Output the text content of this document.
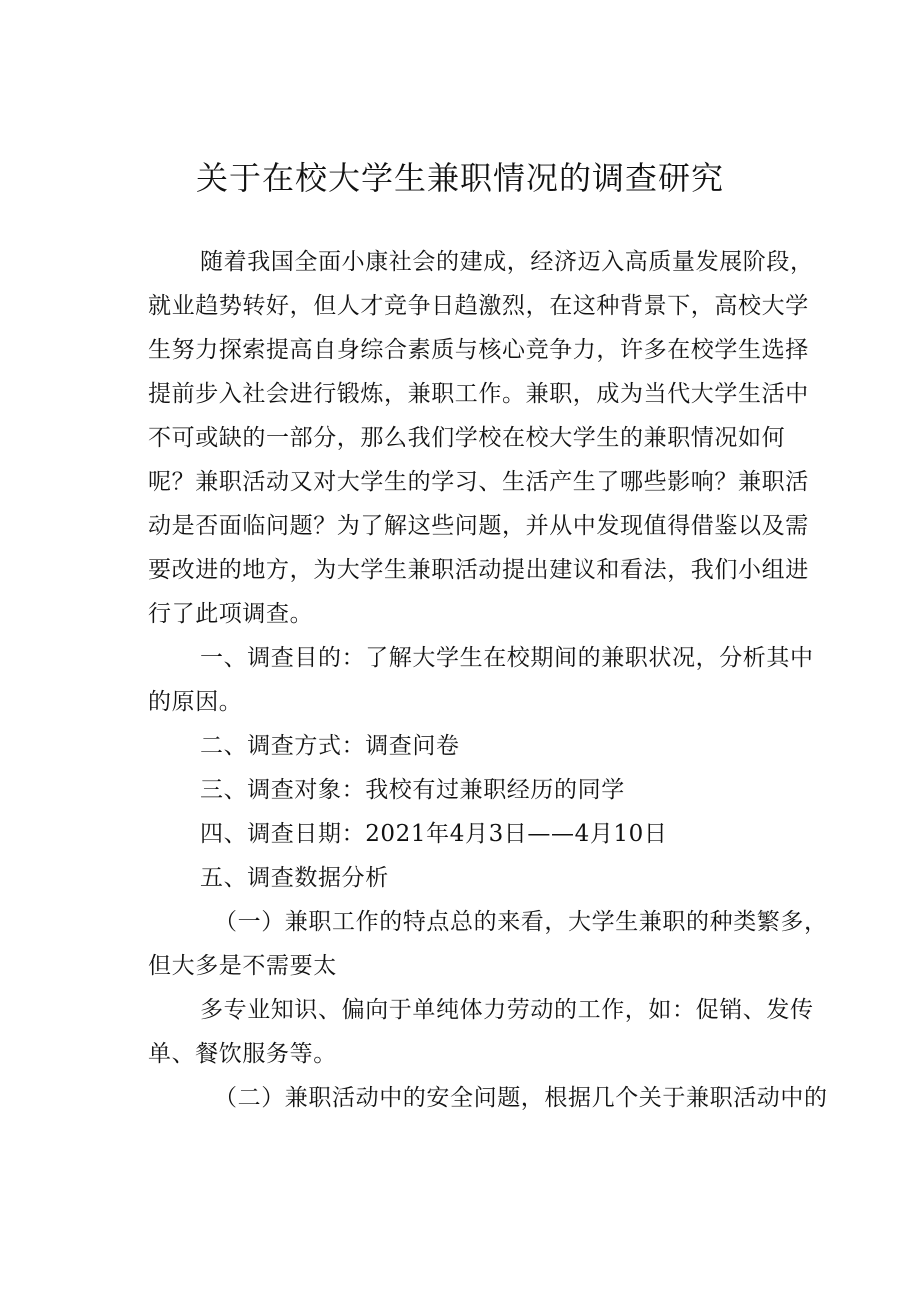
关于在校大学生兼职情况的调查研究

随着我国全面小康社会的建成，经济迈入高质量发展阶段，就业趋势转好，但人才竞争日趋激烈，在这种背景下，高校大学生努力探索提高自身综合素质与核心竞争力，许多在校学生选择提前步入社会进行锻炼，兼职工作。兼职，成为当代大学生活中不可或缺的一部分，那么我们学校在校大学生的兼职情况如何呢？兼职活动又对大学生的学习、生活产生了哪些影响？兼职活动是否面临问题？为了解这些问题，并从中发现值得借鉴以及需要改进的地方，为大学生兼职活动提出建议和看法，我们小组进行了此项调查。

一、调查目的：了解大学生在校期间的兼职状况，分析其中的原因。

二、调查方式：调查问卷

三、调查对象：我校有过兼职经历的同学

四、调查日期：2021年4月3日——4月10日

五、调查数据分析

（一）兼职工作的特点总的来看，大学生兼职的种类繁多，但大多是不需要太

多专业知识、偏向于单纯体力劳动的工作，如：促销、发传单、餐饮服务等。

（二）兼职活动中的安全问题，根据几个关于兼职活动中的
